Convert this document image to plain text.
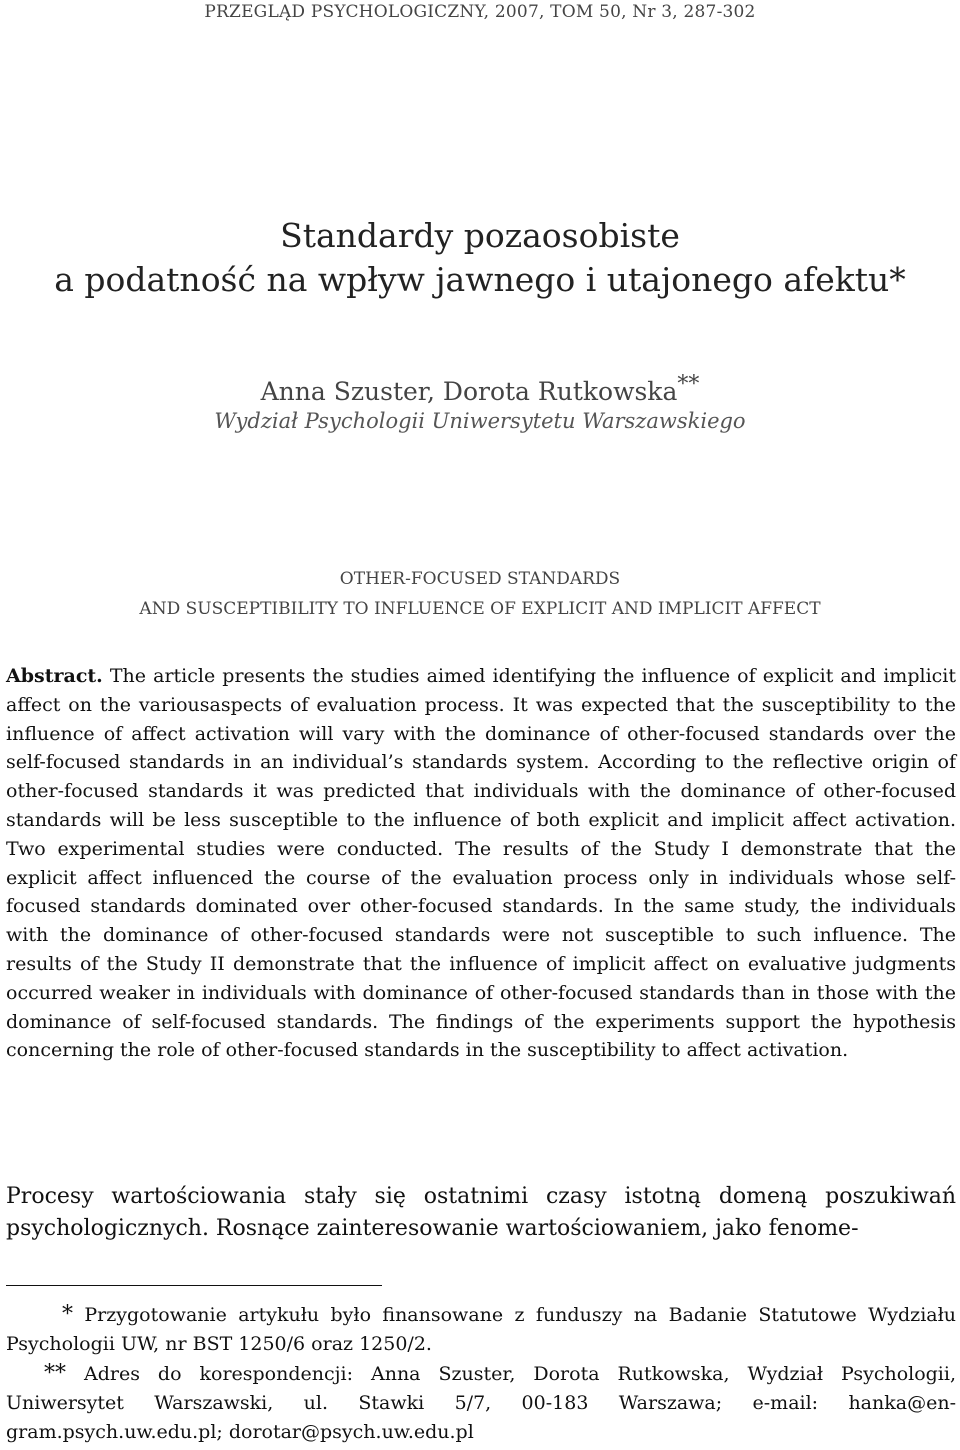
PRZEGLĄD PSYCHOLOGICZNY, 2007, TOM 50, Nr 3, 287-302
Standardy pozaosobiste
a podatność na wpływ jawnego i utajonego afektu*
Anna Szuster, Dorota Rutkowska**
Wydział Psychologii Uniwersytetu Warszawskiego
OTHER-FOCUSED STANDARDS
AND SUSCEPTIBILITY TO INFLUENCE OF EXPLICIT AND IMPLICIT AFFECT
Abstract. The article presents the studies aimed identifying the influence of explicit and implicit affect on the variousaspects of evaluation process. It was expected that the susceptibility to the influence of affect activation will vary with the dominance of other-focused standards over the self-focused standards in an individual’s standards system. According to the reflective origin of other-focused standards it was predicted that individuals with the dominance of other-focused standards will be less susceptible to the influence of both explicit and implicit affect activation. Two experimental studies were conducted. The results of the Study I demonstrate that the explicit affect influenced the course of the evaluation process only in individuals whose self-focused standards dominated over other-focused standards. In the same study, the individuals with the dominance of other-focused standards were not susceptible to such influence. The results of the Study II demonstrate that the influence of implicit affect on evaluative judgments occurred weaker in individuals with dominance of other-focused standards than in those with the dominance of self-focused standards. The findings of the experiments support the hypothesis concerning the role of other-focused standards in the susceptibility to affect activation.
Procesy wartościowania stały się ostatnimi czasy istotną domeną poszukiwań psychologicznych. Rosnące zainteresowanie wartościowaniem, jako fenome-

* Przygotowanie artykułu było finansowane z funduszy na Badanie Statutowe Wydziału Psychologii UW, nr BST 1250/6 oraz 1250/2.

** Adres do korespondencji: Anna Szuster, Dorota Rutkowska, Wydział Psychologii, Uniwersytet Warszawski, ul. Stawki 5/7, 00-183 Warszawa; e-mail: hanka@engram.psych.uw.edu.pl; dorotar@psych.uw.edu.pl
